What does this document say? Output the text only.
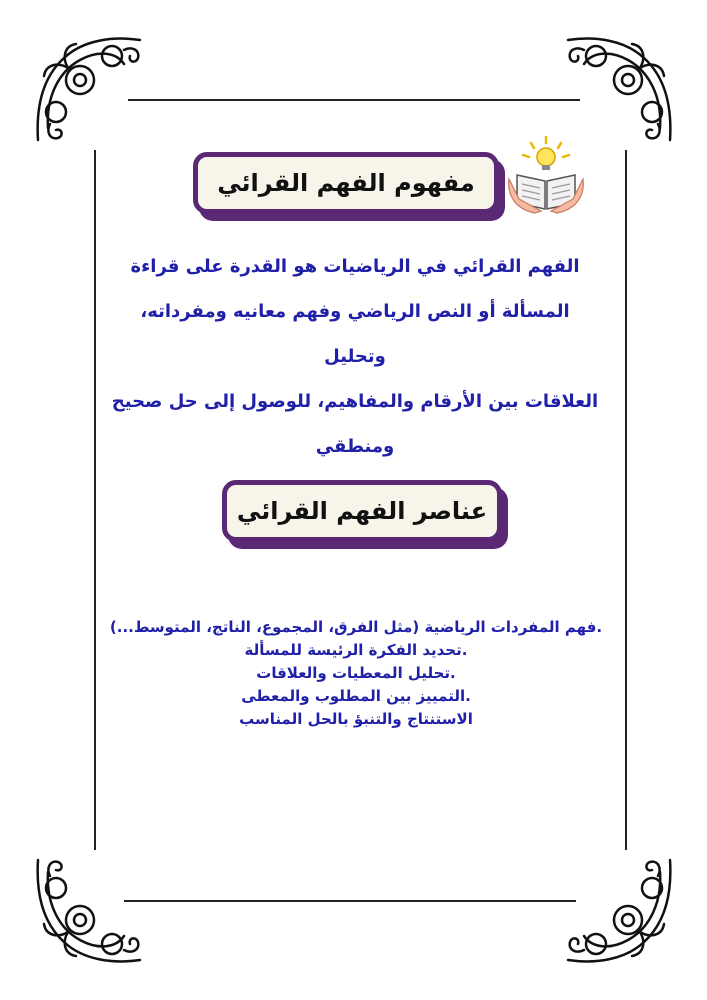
مفهوم الفهم القرائي
الفهم القرائي في الرياضيات هو القدرة على قراءة
المسألة أو النص الرياضي وفهم معانيه ومفرداته، وتحليل
العلاقات بين الأرقام والمفاهيم، للوصول إلى حل صحيح
ومنطقي
عناصر الفهم القرائي
.فهم المفردات الرياضية (مثل الفرق، المجموع، الناتج، المتوسط...)
.تحديد الفكرة الرئيسة للمسألة
.تحليل المعطيات والعلاقات
.التمييز بين المطلوب والمعطى
الاستنتاج والتنبؤ بالحل المناسب
